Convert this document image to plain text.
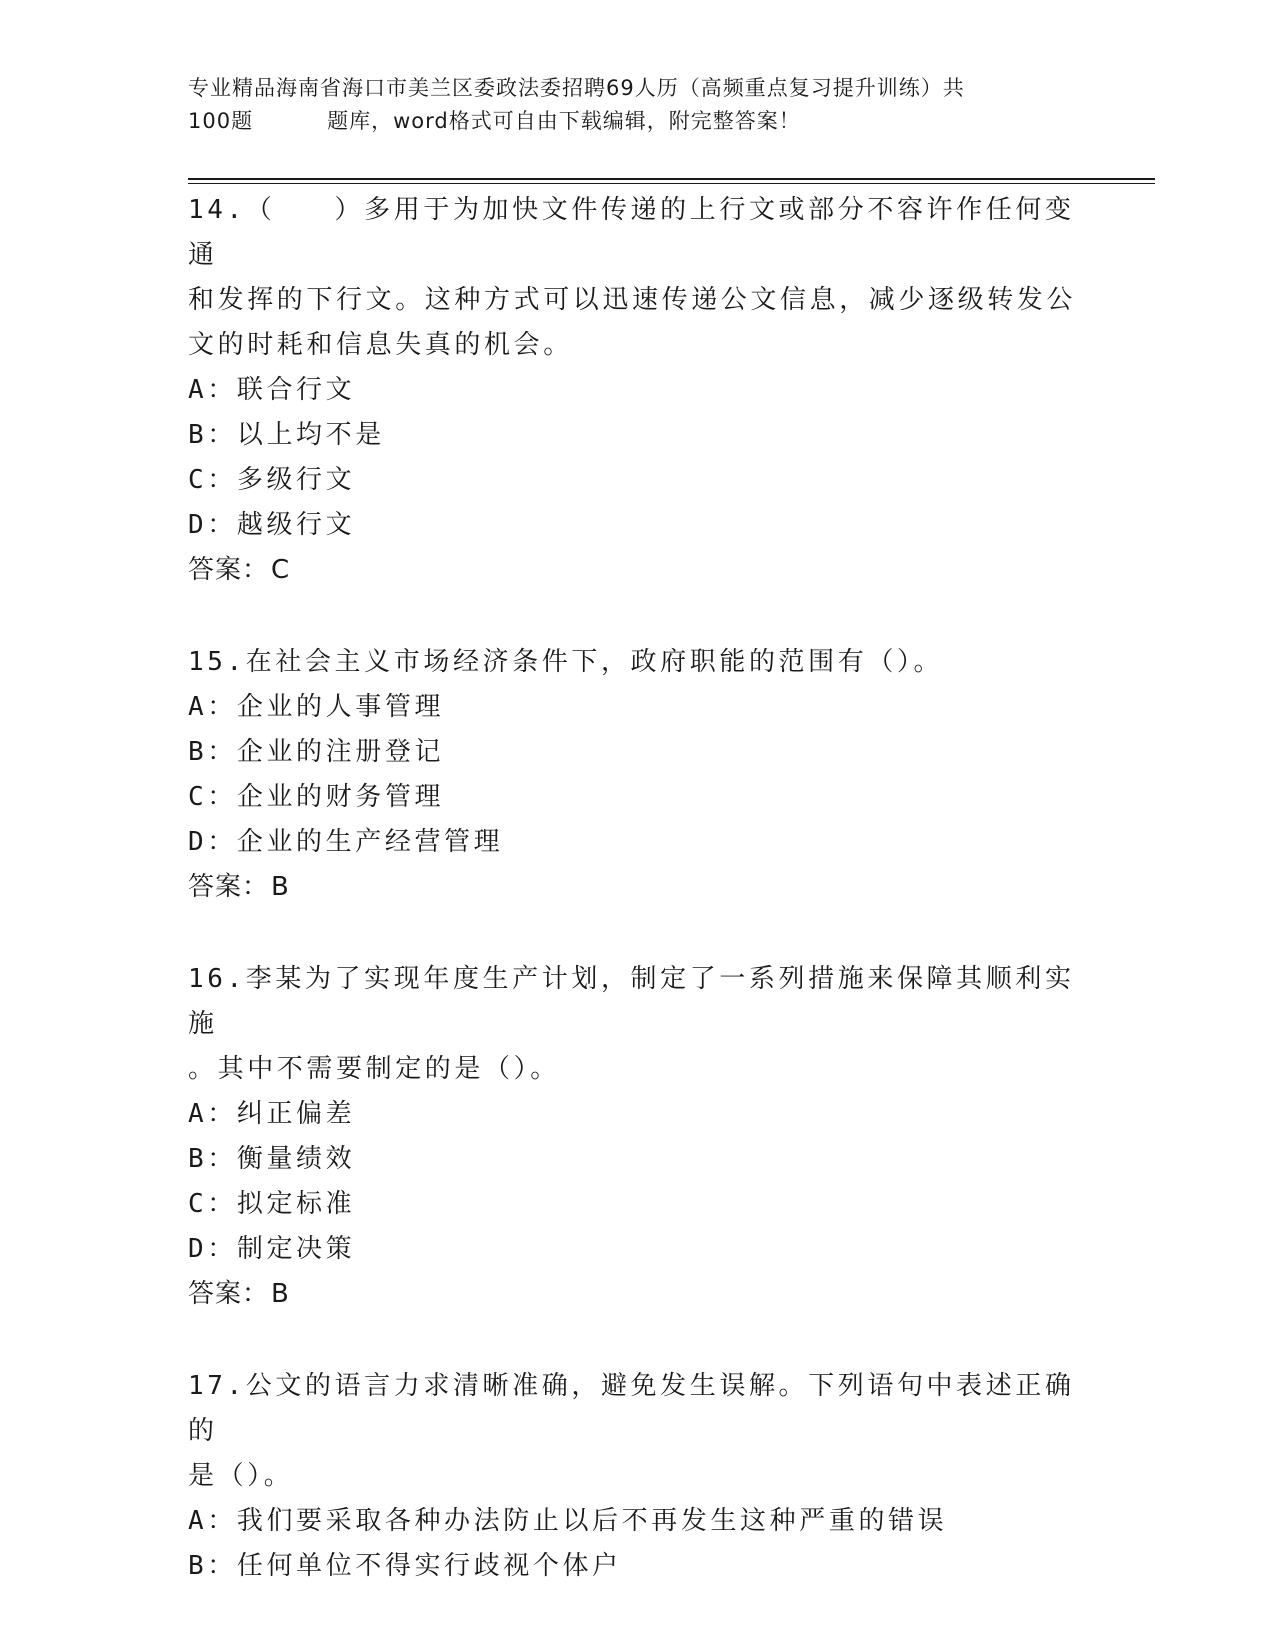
专业精品海南省海口市美兰区委政法委招聘69人历（高频重点复习提升训练）共
100题	题库，word格式可自由下载编辑，附完整答案！

14.（　　）多用于为加快文件传递的上行文或部分不容许作任何变通

和发挥的下行文。这种方式可以迅速传递公文信息，减少逐级转发公

文的时耗和信息失真的机会。

A：联合行文

B：以上均不是

C：多级行文

D：越级行文

答案：C

15.在社会主义市场经济条件下，政府职能的范围有（）。

A：企业的人事管理

B：企业的注册登记

C：企业的财务管理

D：企业的生产经营管理

答案：B

16.李某为了实现年度生产计划，制定了一系列措施来保障其顺利实施

。其中不需要制定的是（）。

A：纠正偏差

B：衡量绩效

C：拟定标准

D：制定决策

答案：B

17.公文的语言力求清晰准确，避免发生误解。下列语句中表述正确的

是（）。

A：我们要采取各种办法防止以后不再发生这种严重的错误

B：任何单位不得实行歧视个体户
